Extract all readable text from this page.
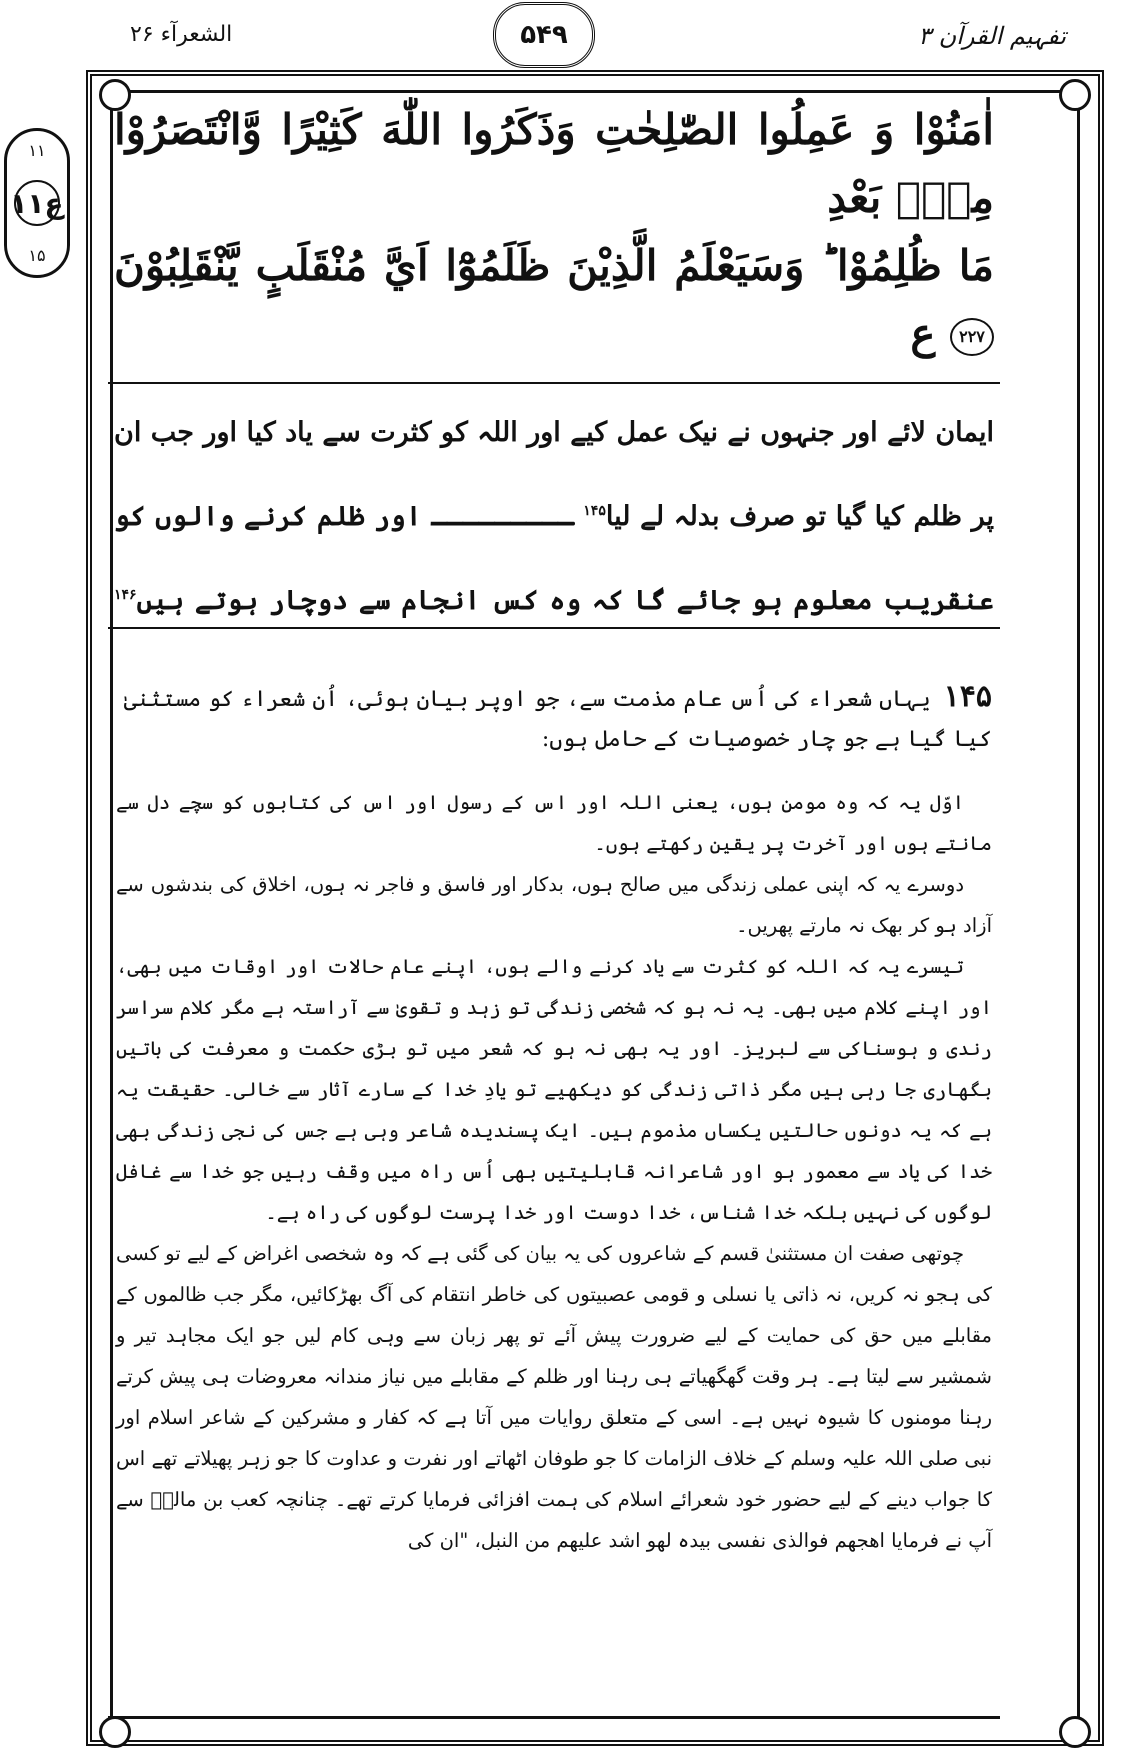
الشعرآء ۲۶	۵۴۹	تفہیم القرآن ۳
۱۱
ع۱۱
۱۵
اٰمَنُوْا وَ عَمِلُوا الصّٰلِحٰتِ وَذَكَرُوا اللّٰهَ كَثِيْرًا وَّانْتَصَرُوْا مِنْۢ بَعْدِ
مَا ظُلِمُوْا ؕ وَسَيَعْلَمُ الَّذِيْنَ ظَلَمُوْٓا اَيَّ مُنْقَلَبٍ يَّنْقَلِبُوْنَ ۲۲۷ ع
ایمان لائے اور جنہوں نے نیک عمل کیے اور اللہ کو کثرت سے یاد کیا اور جب ان پر ظلم کیا گیا تو صرف بدلہ لے لیا$^{۱۴۵}$ ـــــــــ اور ظلم کرنے والوں کو عنقریب معلوم ہو جائے گا کہ وہ کس انجام سے دوچار ہوتے ہیں$^{۱۴۶}$

۱۴۵ یہاں شعراء کی اُس عام مذمت سے، جو اوپر بیان ہوئی، اُن شعراء کو مستثنیٰ کیا گیا ہے جو چار خصوصیات کے حامل ہوں:

اوّل یہ کہ وہ مومن ہوں، یعنی اللہ اور اس کے رسول اور اس کی کتابوں کو سچے دل سے مانتے ہوں اور آخرت پر یقین رکھتے ہوں۔

دوسرے یہ کہ اپنی عملی زندگی میں صالح ہوں، بدکار اور فاسق و فاجر نہ ہوں، اخلاق کی بندشوں سے آزاد ہو کر بھک نہ مارتے پھریں۔

تیسرے یہ کہ اللہ کو کثرت سے یاد کرنے والے ہوں، اپنے عام حالات اور اوقات میں بھی، اور اپنے کلام میں بھی۔ یہ نہ ہو کہ شخصی زندگی تو زہد و تقویٰ سے آراستہ ہے مگر کلام سراسر رندی و ہوسناکی سے لبریز۔ اور یہ بھی نہ ہو کہ شعر میں تو بڑی حکمت و معرفت کی باتیں بگھاری جا رہی ہیں مگر ذاتی زندگی کو دیکھیے تو یادِ خدا کے سارے آثار سے خالی۔ حقیقت یہ ہے کہ یہ دونوں حالتیں یکساں مذموم ہیں۔ ایک پسندیدہ شاعر وہی ہے جس کی نجی زندگی بھی خدا کی یاد سے معمور ہو اور شاعرانہ قابلیتیں بھی اُس راہ میں وقف رہیں جو خدا سے غافل لوگوں کی نہیں بلکہ خدا شناس، خدا دوست اور خدا پرست لوگوں کی راہ ہے۔

چوتھی صفت ان مستثنیٰ قسم کے شاعروں کی یہ بیان کی گئی ہے کہ وہ شخصی اغراض کے لیے تو کسی کی ہجو نہ کریں، نہ ذاتی یا نسلی و قومی عصبیتوں کی خاطر انتقام کی آگ بھڑکائیں، مگر جب ظالموں کے مقابلے میں حق کی حمایت کے لیے ضرورت پیش آئے تو پھر زبان سے وہی کام لیں جو ایک مجاہد تیر و شمشیر سے لیتا ہے۔ ہر وقت گھگھیاتے ہی رہنا اور ظلم کے مقابلے میں نیاز مندانہ معروضات ہی پیش کرتے رہنا مومنوں کا شیوہ نہیں ہے۔ اسی کے متعلق روایات میں آتا ہے کہ کفار و مشرکین کے شاعر اسلام اور نبی صلی اللہ علیہ وسلم کے خلاف الزامات کا جو طوفان اٹھاتے اور نفرت و عداوت کا جو زہر پھیلاتے تھے اس کا جواب دینے کے لیے حضور خود شعرائے اسلام کی ہمت افزائی فرمایا کرتے تھے۔ چنانچہ کعب بن مالکؓ سے آپ نے فرمایا اھجھم فوالذی نفسی بیدہ لھو اشد علیھم من النبل، "ان کی
